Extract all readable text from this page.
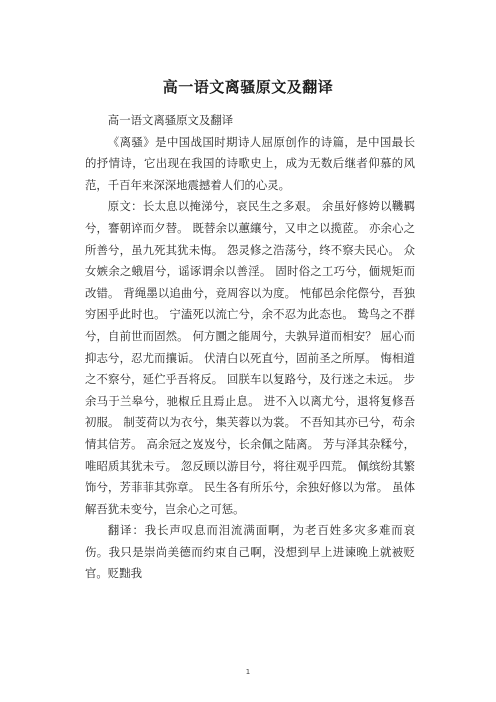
高一语文离骚原文及翻译

高一语文离骚原文及翻译

《离骚》是中国战国时期诗人屈原创作的诗篇，是中国最长的抒情诗，它出现在我国的诗歌史上，成为无数后继者仰慕的风范，千百年来深深地震撼着人们的心灵。

原文：长太息以掩涕兮，哀民生之多艰。 余虽好修姱以鞿羁兮，謇朝谇而夕替。 既替余以蕙纕兮，又申之以揽茝。 亦余心之所善兮，虽九死其犹未悔。 怨灵修之浩荡兮，终不察夫民心。 众女嫉余之蛾眉兮，谣诼谓余以善淫。 固时俗之工巧兮，偭规矩而改错。 背绳墨以追曲兮，竞周容以为度。 忳郁邑余侘傺兮，吾独穷困乎此时也。 宁溘死以流亡兮，余不忍为此态也。 鸷鸟之不群兮，自前世而固然。 何方圜之能周兮，夫孰异道而相安？ 屈心而抑志兮，忍尤而攘诟。 伏清白以死直兮，固前圣之所厚。 悔相道之不察兮，延伫乎吾将反。 回朕车以复路兮，及行迷之未远。 步余马于兰皋兮，驰椒丘且焉止息。 进不入以离尤兮，退将复修吾初服。 制芰荷以为衣兮，集芙蓉以为裳。 不吾知其亦已兮，苟余情其信芳。 高余冠之岌岌兮，长余佩之陆离。 芳与泽其杂糅兮，唯昭质其犹未亏。 忽反顾以游目兮，将往观乎四荒。 佩缤纷其繁饰兮，芳菲菲其弥章。 民生各有所乐兮，余独好修以为常。 虽体解吾犹未变兮，岂余心之可惩。

翻译：我长声叹息而泪流满面啊，为老百姓多灾多难而哀伤。我只是崇尚美德而约束自己啊，没想到早上进谏晚上就被贬官。贬黜我

1
